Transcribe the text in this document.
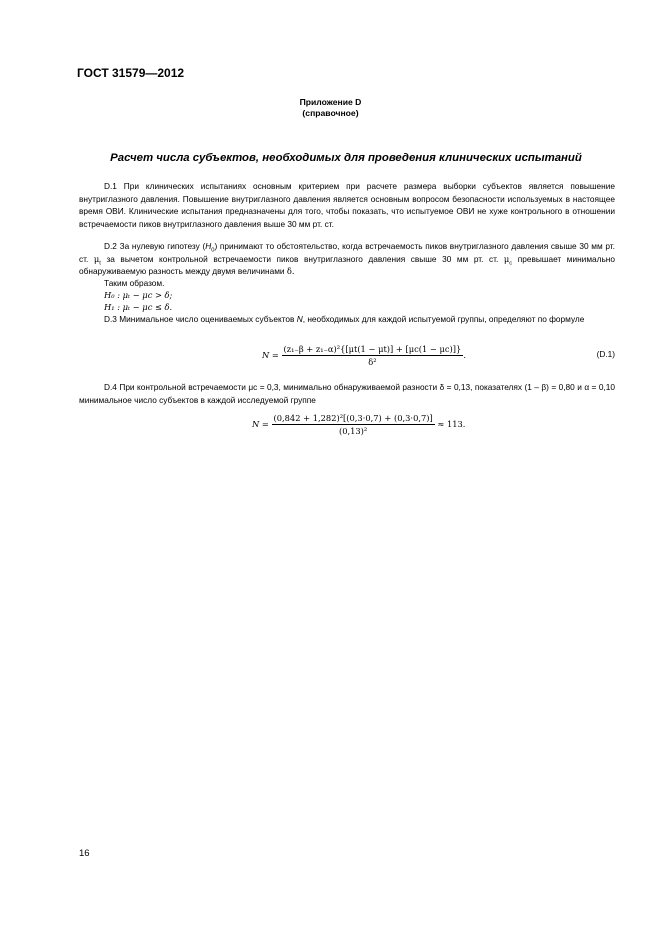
ГОСТ 31579—2012
Приложение D
(справочное)
Расчет числа субъектов, необходимых для проведения клинических испытаний
D.1 При клинических испытаниях основным критерием при расчете размера выборки субъектов является повышение внутриглазного давления. Повышение внутриглазного давления является основным вопросом безопасности используемых в настоящее время ОВИ. Клинические испытания предназначены для того, чтобы показать, что испытуемое ОВИ не хуже контрольного в отношении встречаемости пиков внутриглазного давления выше 30 мм рт. ст.
D.2 За нулевую гипотезу $(H_0)$ принимают то обстоятельство, когда встречаемость пиков внутриглазного давления свыше 30 мм рт. ст. $\mu_t$ за вычетом контрольной встречаемости пиков внутриглазного давления свыше 30 мм рт. ст. $\mu_c$ превышает минимально обнаруживаемую разность между двумя величинами δ.
Таким образом.
H₀ : μₜ − μc > δ;
H₁ : μₜ − μc ≤ δ.
D.3 Минимальное число оцениваемых субъектов N, необходимых для каждой испытуемой группы, определяют по формуле
$N = \frac{\text{(z₁₋β + z₁₋α)²\{[μt(1 − μt)] + [μc(1 − μc)]\}}}{\text{δ²}}$ .	(D.1)
D.4 При контрольной встречаемости μc = 0,3, минимально обнаруживаемой разности δ = 0,13, показателях (1 – β) = 0,80 и α = 0,10 минимальное число субъектов в каждой исследуемой группе
$N = \frac{\text{(0,842 + 1,282)²[(0,3·0,7) + (0,3·0,7)]}}{\text{(0,13)²}} \approx 113$.
16
